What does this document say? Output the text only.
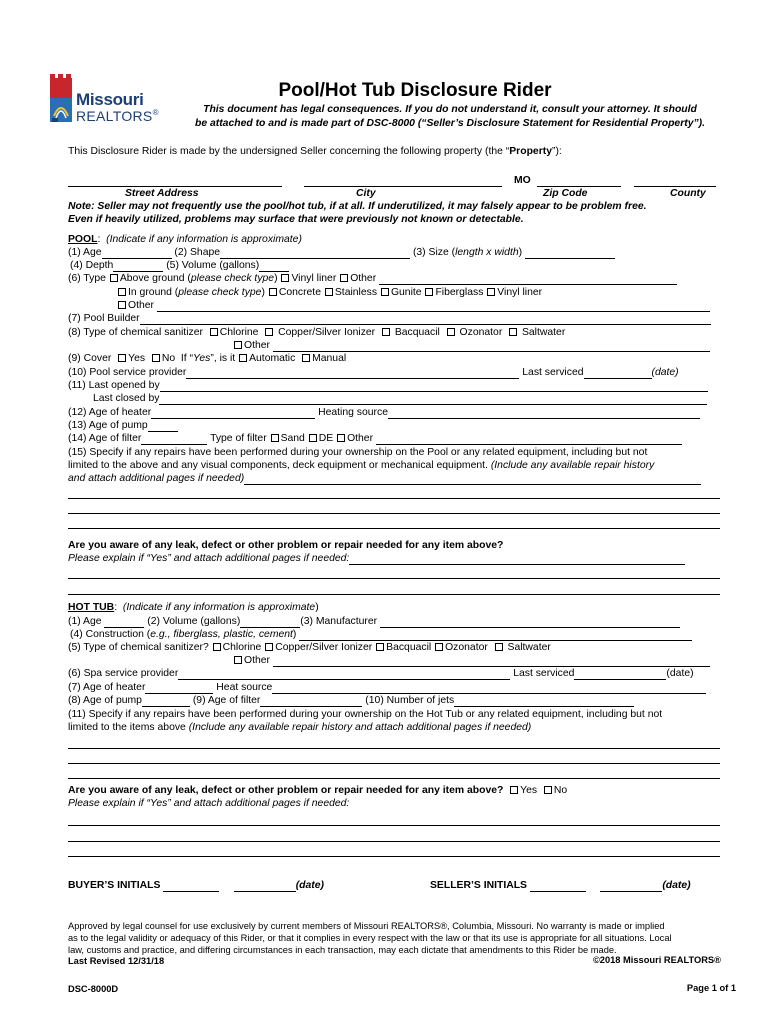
Missouri
REALTORS®
Pool/Hot Tub Disclosure Rider
This document has legal consequences. If you do not understand it, consult your attorney. It should
be attached to and is made part of DSC-8000 (“Seller’s Disclosure Statement for Residential Property”).
This Disclosure Rider is made by the undersigned Seller concerning the following property (the “Property”):
MO
Street Address	City	Zip Code	County
Note: Seller may not frequently use the pool/hot tub, if at all. If underutilized, it may falsely appear to be problem free.
Even if heavily utilized, problems may surface that were previously not known or detectable.
POOL:  (Indicate if any information is approximate)
(1) Age	(2) Shape	(3) Size (length x width)
(4) Depth	(5) Volume (gallons)
(6) Type Above ground (please check type) Vinyl liner Other
In ground (please check type) Concrete Stainless Gunite Fiberglass Vinyl liner
Other
(7) Pool Builder
(8) Type of chemical sanitizer Chlorine Copper/Silver Ionizer Bacquacil Ozonator Saltwater
Other
(9) Cover Yes No If “Yes”, is it Automatic Manual
(10) Pool service provider	Last serviced	(date)
(11) Last opened by
Last closed by
(12) Age of heater	Heating source
(13) Age of pump
(14) Age of filter	Type of filter Sand DE Other
(15) Specify if any repairs have been performed during your ownership on the Pool or any related equipment, including but not
limited to the above and any visual components, deck equipment or mechanical equipment. (Include any available repair history
and attach additional pages if needed)
Are you aware of any leak, defect or other problem or repair needed for any item above?
Please explain if “Yes” and attach additional pages if needed:
HOT TUB:  (Indicate if any information is approximate)
(1) Age	(2) Volume (gallons)	(3) Manufacturer
(4) Construction (e.g., fiberglass, plastic, cement)
(5) Type of chemical sanitizer? Chlorine Copper/Silver Ionizer Bacquacil Ozonator Saltwater
Other
(6) Spa service provider	Last serviced	(date)
(7) Age of heater	Heat source
(8) Age of pump	(9) Age of filter	(10) Number of jets
(11) Specify if any repairs have been performed during your ownership on the Hot Tub or any related equipment, including but not
limited to the items above (Include any available repair history and attach additional pages if needed)
Are you aware of any leak, defect or other problem or repair needed for any item above? Yes No
Please explain if “Yes” and attach additional pages if needed:
BUYER’S INITIALS	(date)	SELLER’S INITIALS	(date)
Approved by legal counsel for use exclusively by current members of Missouri REALTORS®, Columbia, Missouri. No warranty is made or implied
as to the legal validity or adequacy of this Rider, or that it complies in every respect with the law or that its use is appropriate for all situations. Local
law, customs and practice, and differing circumstances in each transaction, may each dictate that amendments to this Rider be made.
Last Revised 12/31/18	©2018 Missouri REALTORS®
DSC-8000D	Page 1 of 1
